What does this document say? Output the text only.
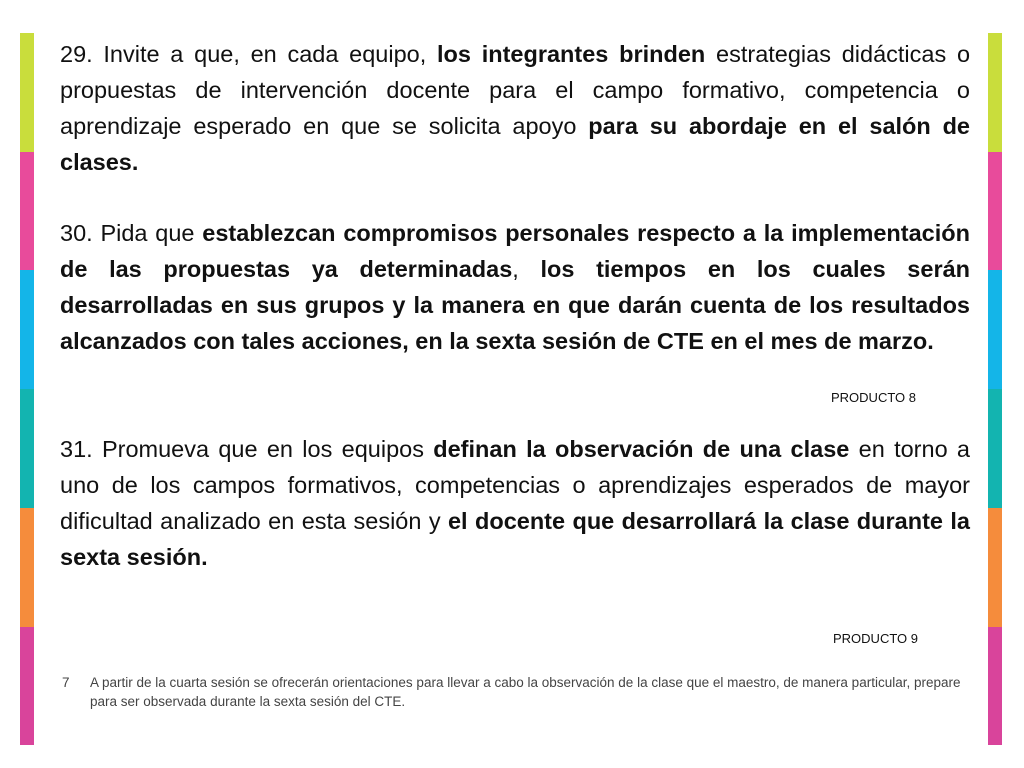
29. Invite a que, en cada equipo, los integrantes brinden estrategias didácticas o propuestas de intervención docente para el campo formativo, competencia o aprendizaje esperado en que se solicita apoyo para su abordaje en el salón de clases.

30. Pida que establezcan compromisos personales respecto a la implementación de las propuestas ya determinadas, los tiempos en los cuales serán desarrolladas en sus grupos y la manera en que darán cuenta de los resultados alcanzados con tales acciones, en la sexta sesión de CTE en el mes de marzo.

PRODUCTO 8

31. Promueva que en los equipos definan la observación de una clase en torno a uno de los campos formativos, competencias o aprendizajes esperados de mayor dificultad analizado en esta sesión y el docente que desarrollará la clase durante la sexta sesión.

PRODUCTO 9
7 A partir de la cuarta sesión se ofrecerán orientaciones para llevar a cabo la observación de la clase que el maestro, de manera particular, prepare para ser observada durante la sexta sesión del CTE.
